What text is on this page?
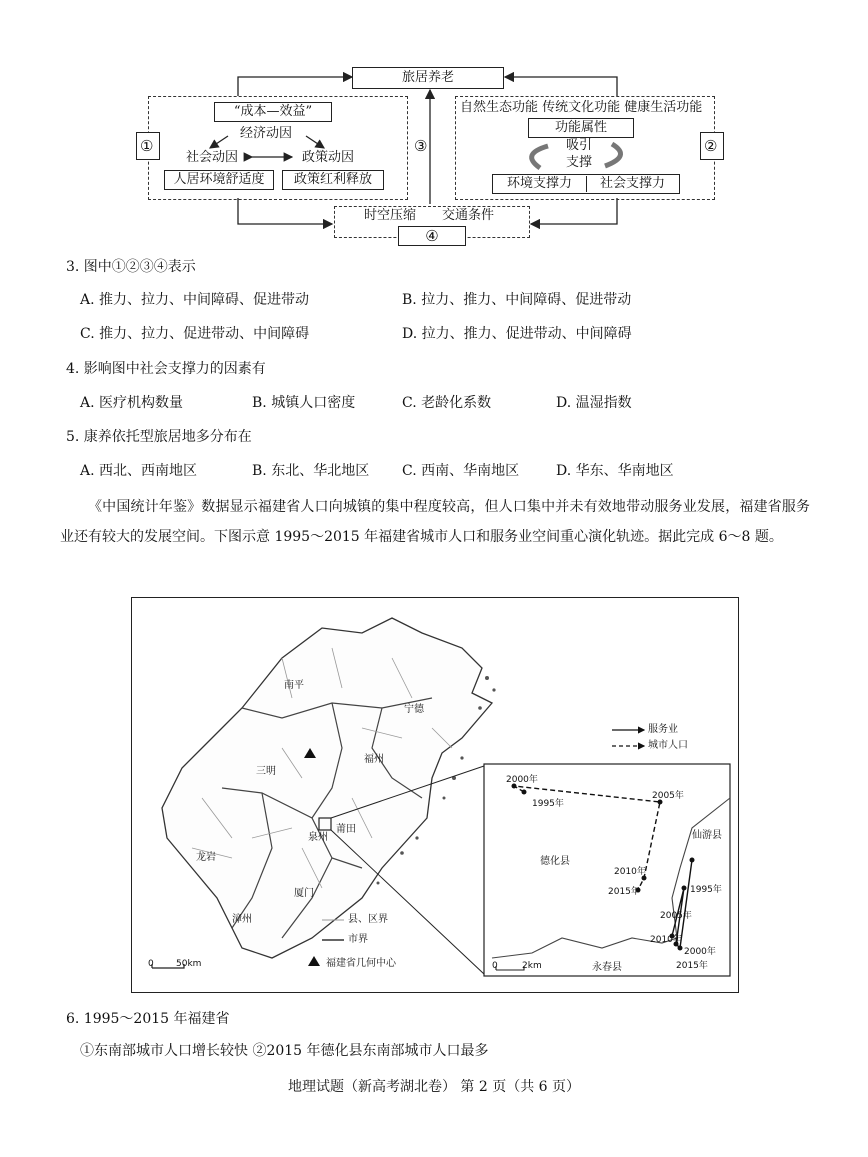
旅居养老
①
“成本—效益”
经济动因
社会动因	政策动因
人居环境舒适度	政策红利释放
②
自然生态功能 传统文化功能 健康生活功能
功能属性
吸引
支撑
环境支撑力	社会支撑力
③
时空压缩 交通条件
④
3. 图中①②③④表示
A. 推力、拉力、中间障碍、促进带动	B. 拉力、推力、中间障碍、促进带动
C. 推力、拉力、促进带动、中间障碍	D. 拉力、推力、促进带动、中间障碍
4. 影响图中社会支撑力的因素有
A. 医疗机构数量	B. 城镇人口密度	C. 老龄化系数	D. 温湿指数
5. 康养依托型旅居地多分布在
A. 西北、西南地区	B. 东北、华北地区 C. 西南、华南地区	D. 华东、华南地区
《中国统计年鉴》数据显示福建省人口向城镇的集中程度较高，但人口集中并未有效地带动服务业发展，福建省服务业还有较大的发展空间。下图示意 1995～2015 年福建省城市人口和服务业空间重心演化轨迹。据此完成 6～8 题。
南平
宁德
三明
福州
莆田
泉州
龙岩
厦门
漳州	县、区界
市界
福建省几何中心
0 50km
服务业
城市人口
德化县
仙游县
永春县
0	2km
1995年
2000年
2005年
2010年
2015年	1995年
2000年
2005年
2010年
2015年
6. 1995～2015 年福建省
①东南部城市人口增长较快 ②2015 年德化县东南部城市人口最多
地理试题（新高考湖北卷） 第 2 页（共 6 页）
